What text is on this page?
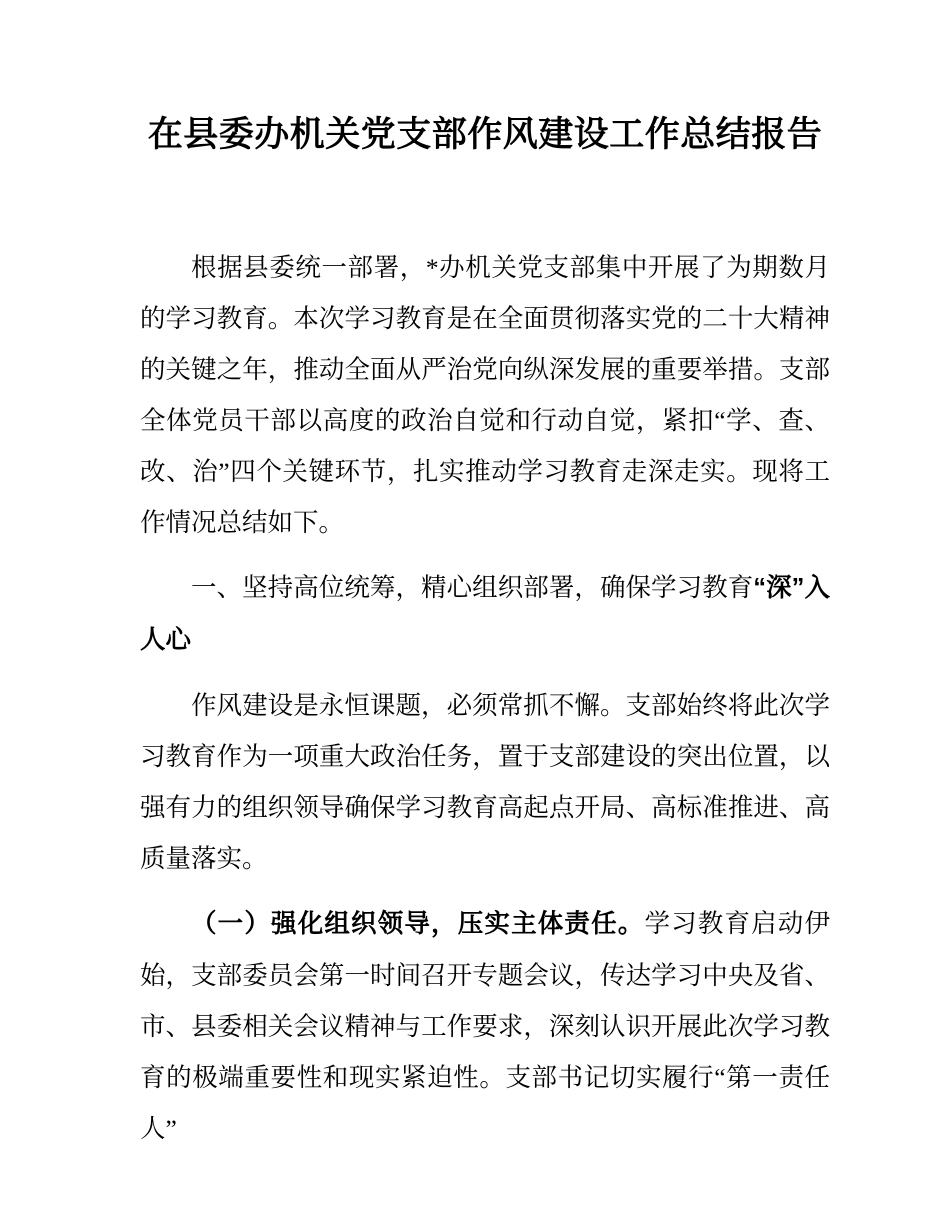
在县委办机关党支部作风建设工作总结报告

根据县委统一部署，*办机关党支部集中开展了为期数月的学习教育。本次学习教育是在全面贯彻落实党的二十大精神的关键之年，推动全面从严治党向纵深发展的重要举措。支部全体党员干部以高度的政治自觉和行动自觉，紧扣“学、查、改、治”四个关键环节，扎实推动学习教育走深走实。现将工作情况总结如下。

一、坚持高位统筹，精心组织部署，确保学习教育“深”入人心

作风建设是永恒课题，必须常抓不懈。支部始终将此次学习教育作为一项重大政治任务，置于支部建设的突出位置，以强有力的组织领导确保学习教育高起点开局、高标准推进、高质量落实。

（一）强化组织领导，压实主体责任。学习教育启动伊始，支部委员会第一时间召开专题会议，传达学习中央及省、市、县委相关会议精神与工作要求，深刻认识开展此次学习教育的极端重要性和现实紧迫性。支部书记切实履行“第一责任人”
